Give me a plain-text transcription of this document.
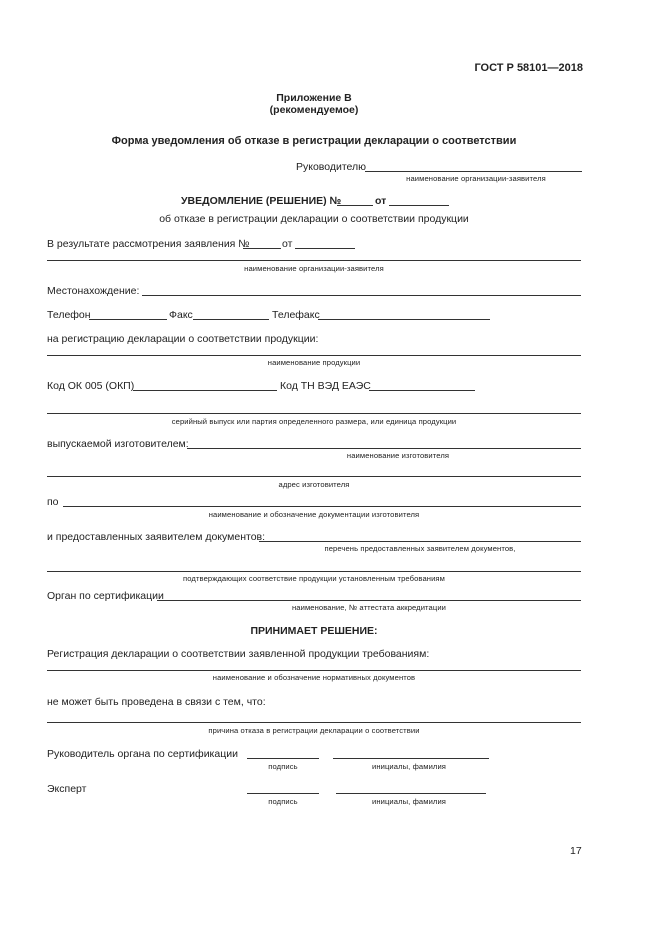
ГОСТ Р 58101—2018
Приложение В
(рекомендуемое)
Форма уведомления об отказе в регистрации декларации о соответствии
Руководителю
наименование организации-заявителя
УВЕДОМЛЕНИЕ (РЕШЕНИЕ) №	от
об отказе в регистрации декларации о соответствии продукции
В результате рассмотрения заявления №	от
наименование организации-заявителя
Местонахождение:
Телефон	Факс	Телефакс
на регистрацию декларации о соответствии продукции:
наименование продукции
Код ОК 005 (ОКП)	Код ТН ВЭД ЕАЭС
серийный выпуск или партия определенного размера, или единица продукции
выпускаемой изготовителем:
наименование изготовителя
адрес изготовителя
по
наименование и обозначение документации изготовителя
и предоставленных заявителем документов:
перечень предоставленных заявителем документов,
подтверждающих соответствие продукции установленным требованиям
Орган по сертификации
наименование, № аттестата аккредитации
ПРИНИМАЕТ РЕШЕНИЕ:
Регистрация декларации о соответствии заявленной продукции требованиям:
наименование и обозначение нормативных документов
не может быть проведена в связи с тем, что:
причина отказа в регистрации декларации о соответствии
Руководитель органа по сертификации
подпись	инициалы, фамилия
Эксперт
подпись	инициалы, фамилия
17
